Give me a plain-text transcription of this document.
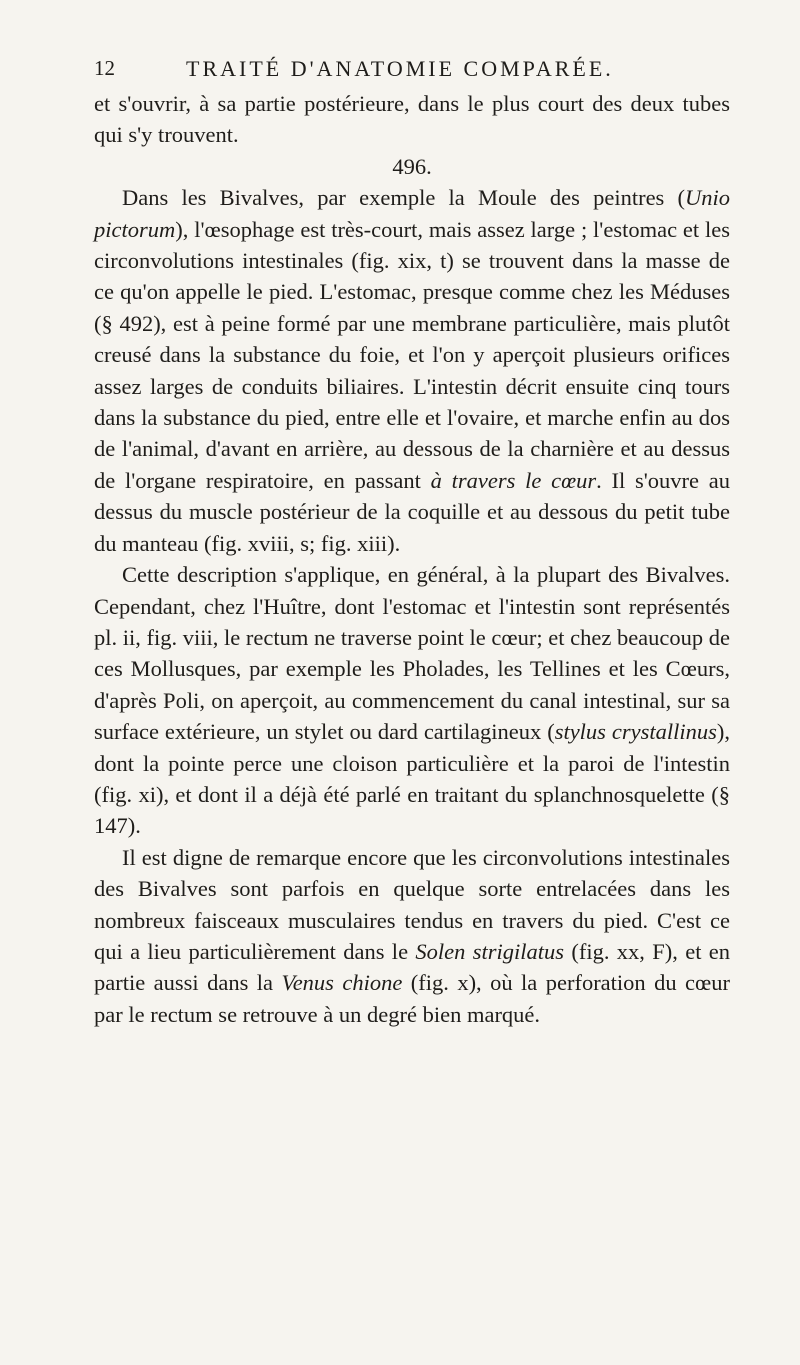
12	TRAITÉ D'ANATOMIE COMPARÉE.

et s'ouvrir, à sa partie postérieure, dans le plus court des deux tubes qui s'y trouvent.

496.

Dans les Bivalves, par exemple la Moule des peintres (Unio pictorum), l'œsophage est très-court, mais assez large ; l'estomac et les circonvolutions intestinales (fig. xix, t) se trouvent dans la masse de ce qu'on appelle le pied. L'estomac, presque comme chez les Méduses (§ 492), est à peine formé par une membrane particulière, mais plutôt creusé dans la substance du foie, et l'on y aperçoit plusieurs orifices assez larges de conduits biliaires. L'intestin décrit ensuite cinq tours dans la substance du pied, entre elle et l'ovaire, et marche enfin au dos de l'animal, d'avant en arrière, au dessous de la charnière et au dessus de l'organe respiratoire, en passant à travers le cœur. Il s'ouvre au dessus du muscle postérieur de la coquille et au dessous du petit tube du manteau (fig. xviii, s; fig. xiii).

Cette description s'applique, en général, à la plupart des Bivalves. Cependant, chez l'Huître, dont l'estomac et l'intestin sont représentés pl. ii, fig. viii, le rectum ne traverse point le cœur; et chez beaucoup de ces Mollusques, par exemple les Pholades, les Tellines et les Cœurs, d'après Poli, on aperçoit, au commencement du canal intestinal, sur sa surface extérieure, un stylet ou dard cartilagineux (stylus crystallinus), dont la pointe perce une cloison particulière et la paroi de l'intestin (fig. xi), et dont il a déjà été parlé en traitant du splanchnosquelette (§ 147).

Il est digne de remarque encore que les circonvolutions intestinales des Bivalves sont parfois en quelque sorte entrelacées dans les nombreux faisceaux musculaires tendus en travers du pied. C'est ce qui a lieu particulièrement dans le Solen strigilatus (fig. xx, F), et en partie aussi dans la Venus chione (fig. x), où la perforation du cœur par le rectum se retrouve à un degré bien marqué.
